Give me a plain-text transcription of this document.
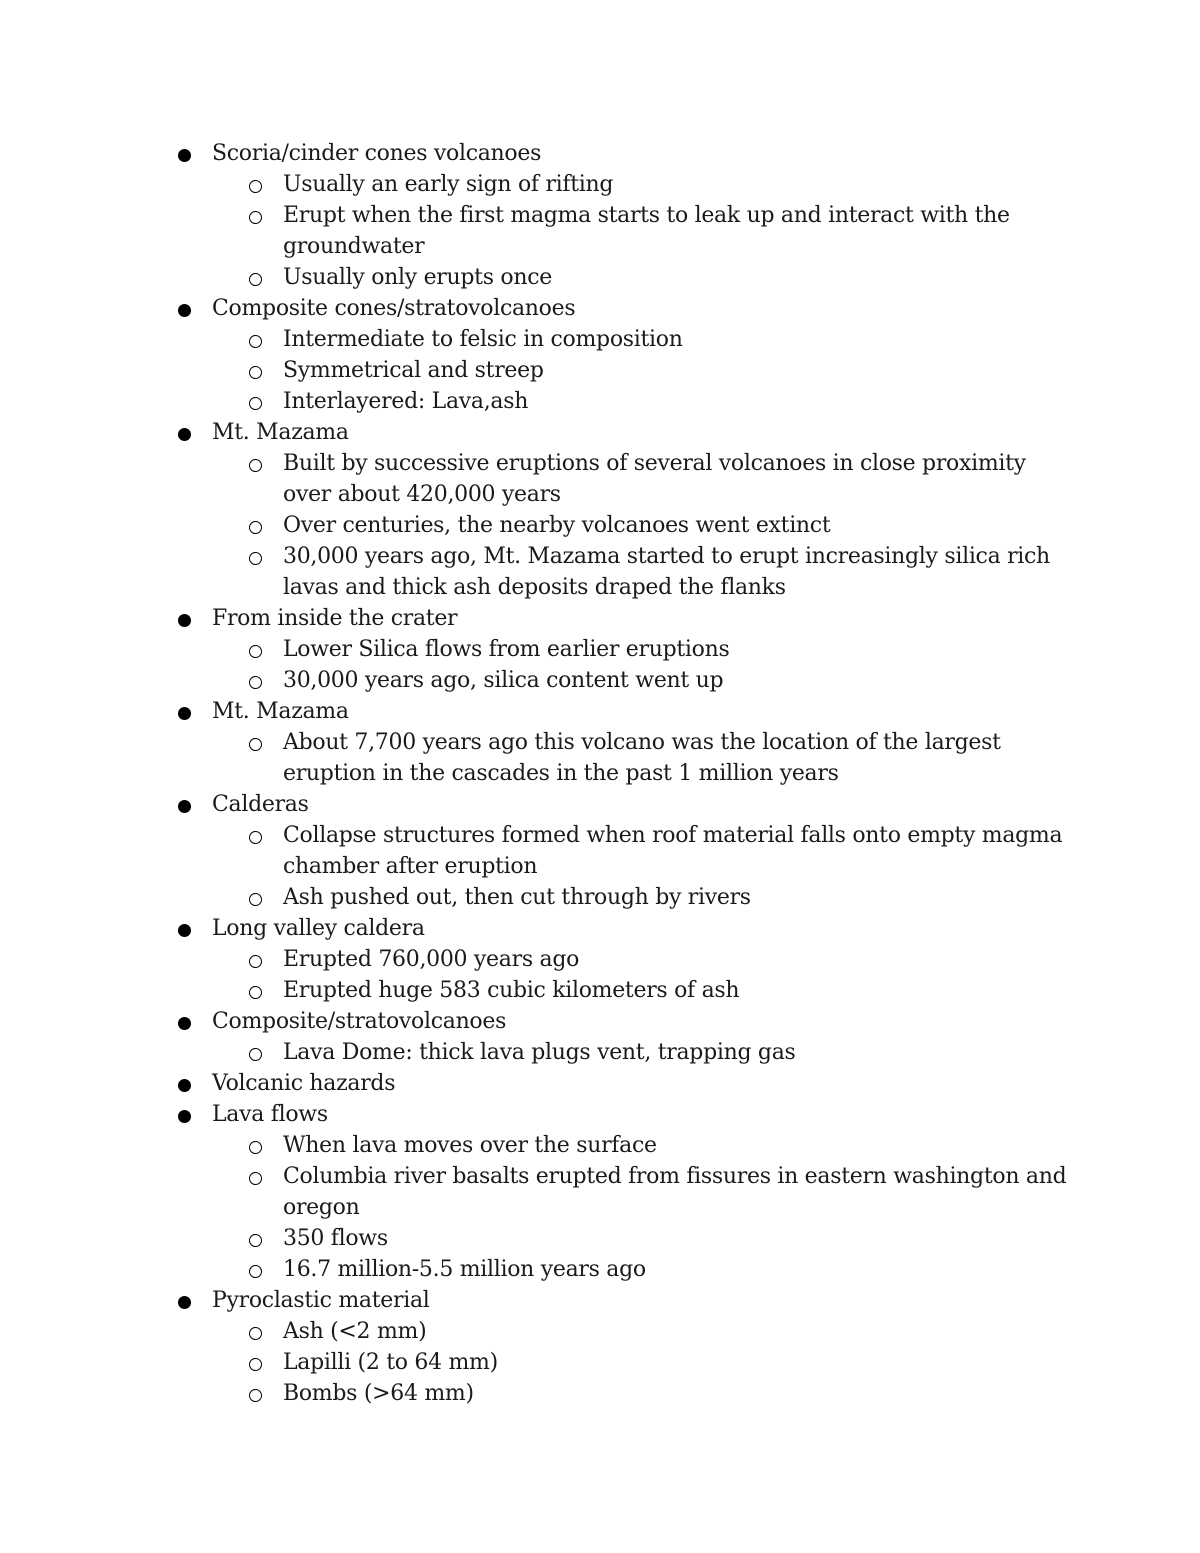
Scoria/cinder cones volcanoes
Usually an early sign of rifting
Erupt when the first magma starts to leak up and interact with the groundwater
Usually only erupts once
Composite cones/stratovolcanoes
Intermediate to felsic in composition
Symmetrical and streep
Interlayered: Lava,ash
Mt. Mazama
Built by successive eruptions of several volcanoes in close proximity over about 420,000 years
Over centuries, the nearby volcanoes went extinct
30,000 years ago, Mt. Mazama started to erupt increasingly silica rich lavas and thick ash deposits draped the flanks
From inside the crater
Lower Silica flows from earlier eruptions
30,000 years ago, silica content went up
Mt. Mazama
About 7,700 years ago this volcano was the location of the largest eruption in the cascades in the past 1 million years
Calderas
Collapse structures formed when roof material falls onto empty magma chamber after eruption
Ash pushed out, then cut through by rivers
Long valley caldera
Erupted 760,000 years ago
Erupted huge 583 cubic kilometers of ash
Composite/stratovolcanoes
Lava Dome: thick lava plugs vent, trapping gas
Volcanic hazards
Lava flows
When lava moves over the surface
Columbia river basalts erupted from fissures in eastern washington and oregon
350 flows
16.7 million-5.5 million years ago
Pyroclastic material
Ash (<2 mm)
Lapilli (2 to 64 mm)
Bombs (>64 mm)
